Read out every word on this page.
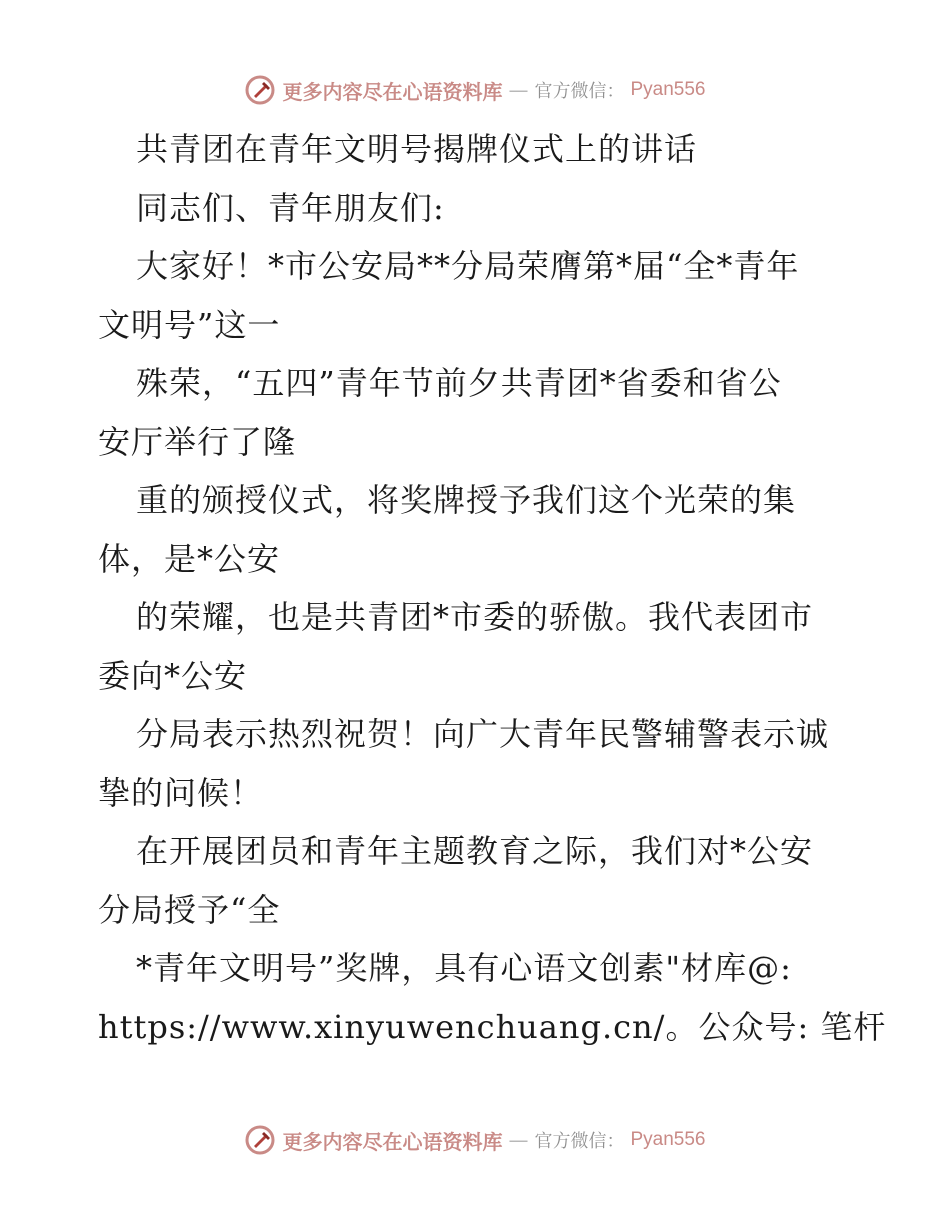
更多内容尽在心语资料库 — 官方微信： Pyan556
共青团在青年文明号揭牌仪式上的讲话
同志们、青年朋友们:
大家好！*市公安局**分局荣膺第*届“全*青年
文明号”这一
殊荣，“五四”青年节前夕共青团*省委和省公
安厅举行了隆
重的颁授仪式，将奖牌授予我们这个光荣的集
体，是*公安
的荣耀，也是共青团*市委的骄傲。我代表团市
委向*公安
分局表示热烈祝贺！向广大青年民警辅警表示诚
挚的问候！
在开展团员和青年主题教育之际，我们对*公安
分局授予“全
*青年文明号”奖牌，具有心语文创素"材库@:
https://www.xinyuwenchuang.cn/。公众号: 笔杆
更多内容尽在心语资料库 — 官方微信： Pyan556
